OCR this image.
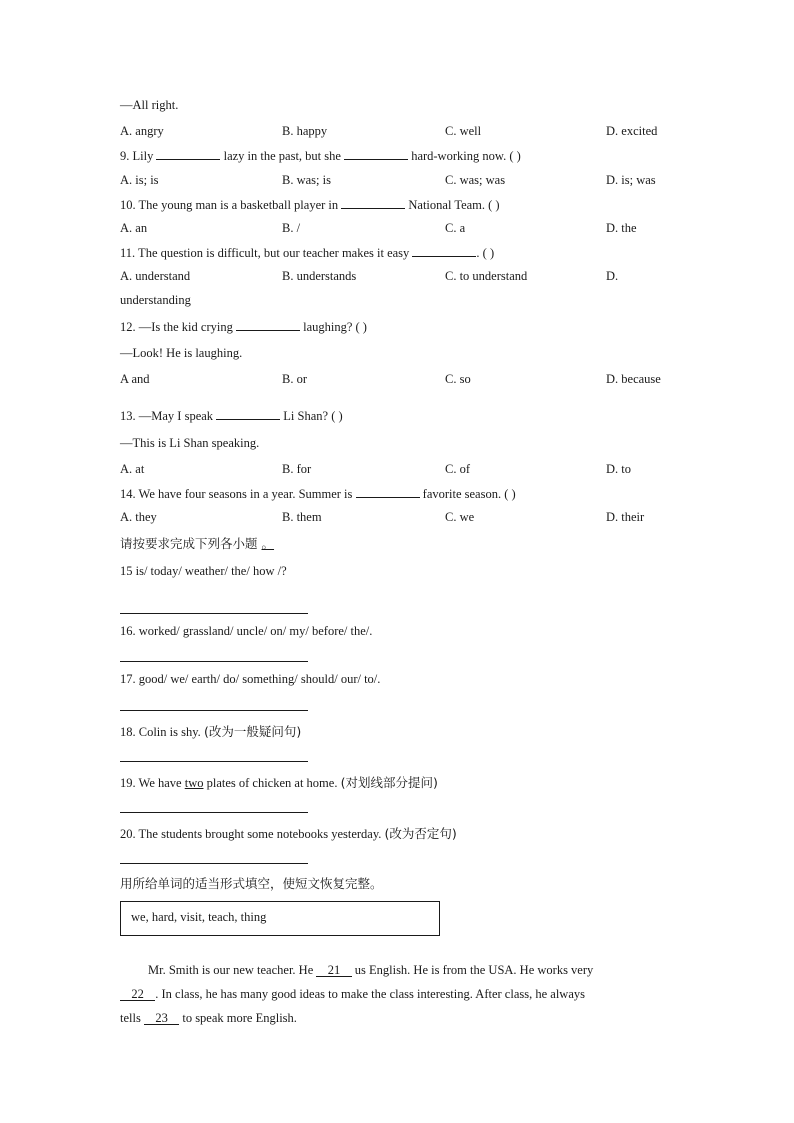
—All right.
A. angry	B. happy	C. well	D. excited
9. Lily	lazy in the past, but she	hard-working now. ( )
A. is; is	B. was; is	C. was; was	D. is; was
10. The young man is a basketball player in	National Team. ( )
A. an	B. /	C. a	D. the
11. The question is difficult, but our teacher makes it easy	. ( )
A. understand	B. understands	C. to understand	D.
understanding
12. —Is the kid crying	laughing? ( )
—Look! He is laughing.
A and	B. or	C. so	D. because
13. —May I speak	Li Shan? ( )
—This is Li Shan speaking.
A. at	B. for	C. of	D. to
14. We have four seasons in a year. Summer is	favorite season. ( )
A. they	B. them	C. we	D. their
请按要求完成下列各小题 。
15 is/ today/ weather/ the/ how /?
16. worked/ grassland/ uncle/ on/ my/ before/ the/.
17. good/ we/ earth/ do/ something/ should/ our/ to/.
18. Colin is shy. (改为一般疑问句)
19. We have two plates of chicken at home. (对划线部分提问)
20. The students brought some notebooks yesterday. (改为否定句)
用所给单词的适当形式填空，使短文恢复完整。
we, hard, visit, teach, thing
Mr. Smith is our new teacher. He    21    us English. He is from the USA. He works very
22 . In class, he has many good ideas to make the class interesting. After class, he always
tells    23    to speak more English.
